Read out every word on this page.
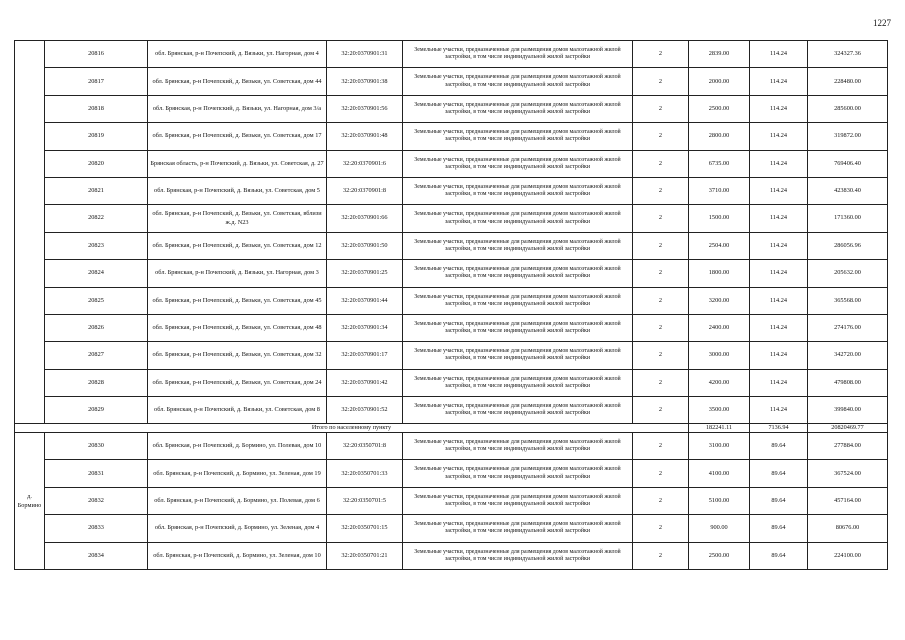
1227
	20816	обл. Брянская, р-н Почепский, д. Вязьки, ул. Нагорная, дом 4	32:20:0370901:31	Земельные участки, предназначенные для размещения домов малоэтажной жилой застройки, в том числе индивидуальной жилой застройки	2	2839.00	114.24	324327.36
	20817	обл. Брянская, р-н Почепский, д. Вязьки, ул. Советская, дом 44	32:20:0370901:38	Земельные участки, предназначенные для размещения домов малоэтажной жилой застройки, в том числе индивидуальной жилой застройки	2	2000.00	114.24	228480.00
	20818	обл. Брянская, р-н Почепский, д. Вязьки, ул. Нагорная, дом 3/а	32:20:0370901:56	Земельные участки, предназначенные для размещения домов малоэтажной жилой застройки, в том числе индивидуальной жилой застройки	2	2500.00	114.24	285600.00
	20819	обл. Брянская, р-н Почепский, д. Вязьки, ул. Советская, дом 17	32:20:0370901:48	Земельные участки, предназначенные для размещения домов малоэтажной жилой застройки, в том числе индивидуальной жилой застройки	2	2800.00	114.24	319872.00
	20820	Брянская область, р-н Почепский, д. Вязьки, ул. Советская, д. 27	32:20:0370901:6	Земельные участки, предназначенные для размещения домов малоэтажной жилой застройки, в том числе индивидуальной жилой застройки	2	6735.00	114.24	769406.40
	20821	обл. Брянская, р-н Почепский, д. Вязьки, ул. Советская, дом 5	32:20:0370901:8	Земельные участки, предназначенные для размещения домов малоэтажной жилой застройки, в том числе индивидуальной жилой застройки	2	3710.00	114.24	423830.40
	20822	обл. Брянская, р-н Почепский, д. Вязьки, ул. Советская, вблизи ж.д. N23	32:20:0370901:66	Земельные участки, предназначенные для размещения домов малоэтажной жилой застройки, в том числе индивидуальной жилой застройки	2	1500.00	114.24	171360.00
	20823	обл. Брянская, р-н Почепский, д. Вязьки, ул. Советская, дом 12	32:20:0370901:50	Земельные участки, предназначенные для размещения домов малоэтажной жилой застройки, в том числе индивидуальной жилой застройки	2	2504.00	114.24	286056.96
	20824	обл. Брянская, р-н Почепский, д. Вязьки, ул. Нагорная, дом 3	32:20:0370901:25	Земельные участки, предназначенные для размещения домов малоэтажной жилой застройки, в том числе индивидуальной жилой застройки	2	1800.00	114.24	205632.00
	20825	обл. Брянская, р-н Почепский, д. Вязьки, ул. Советская, дом 45	32:20:0370901:44	Земельные участки, предназначенные для размещения домов малоэтажной жилой застройки, в том числе индивидуальной жилой застройки	2	3200.00	114.24	365568.00
	20826	обл. Брянская, р-н Почепский, д. Вязьки, ул. Советская, дом 48	32:20:0370901:34	Земельные участки, предназначенные для размещения домов малоэтажной жилой застройки, в том числе индивидуальной жилой застройки	2	2400.00	114.24	274176.00
	20827	обл. Брянская, р-н Почепский, д. Вязьки, ул. Советская, дом 32	32:20:0370901:17	Земельные участки, предназначенные для размещения домов малоэтажной жилой застройки, в том числе индивидуальной жилой застройки	2	3000.00	114.24	342720.00
	20828	обл. Брянская, р-н Почепский, д. Вязьки, ул. Советская, дом 24	32:20:0370901:42	Земельные участки, предназначенные для размещения домов малоэтажной жилой застройки, в том числе индивидуальной жилой застройки	2	4200.00	114.24	479808.00
	20829	обл. Брянская, р-н Почепский, д. Вязьки, ул. Советская, дом 8	32:20:0370901:52	Земельные участки, предназначенные для размещения домов малоэтажной жилой застройки, в том числе индивидуальной жилой застройки	2	3500.00	114.24	399840.00
Итого по населенному пункту						182241.11	7136.94	20820469.77

д. Бормино	20830	обл. Брянская, р-н Почепский, д. Бормино, ул. Полевая, дом 10	32:20:0350701:8	Земельные участки, предназначенные для размещения домов малоэтажной жилой застройки, в том числе индивидуальной жилой застройки	2	3100.00	89.64	277884.00
	20831	обл. Брянская, р-н Почепский, д. Бормино, ул. Зеленая, дом 19	32:20:0350701:33	Земельные участки, предназначенные для размещения домов малоэтажной жилой застройки, в том числе индивидуальной жилой застройки	2	4100.00	89.64	367524.00
	20832	обл. Брянская, р-н Почепский, д. Бормино, ул. Полевая, дом 6	32:20:0350701:5	Земельные участки, предназначенные для размещения домов малоэтажной жилой застройки, в том числе индивидуальной жилой застройки	2	5100.00	89.64	457164.00
	20833	обл. Брянская, р-н Почепский, д. Бормино, ул. Зеленая, дом 4	32:20:0350701:15	Земельные участки, предназначенные для размещения домов малоэтажной жилой застройки, в том числе индивидуальной жилой застройки	2	900.00	89.64	80676.00
	20834	обл. Брянская, р-н Почепский, д. Бормино, ул. Зеленая, дом 10	32:20:0350701:21	Земельные участки, предназначенные для размещения домов малоэтажной жилой застройки, в том числе индивидуальной жилой застройки	2	2500.00	89.64	224100.00
